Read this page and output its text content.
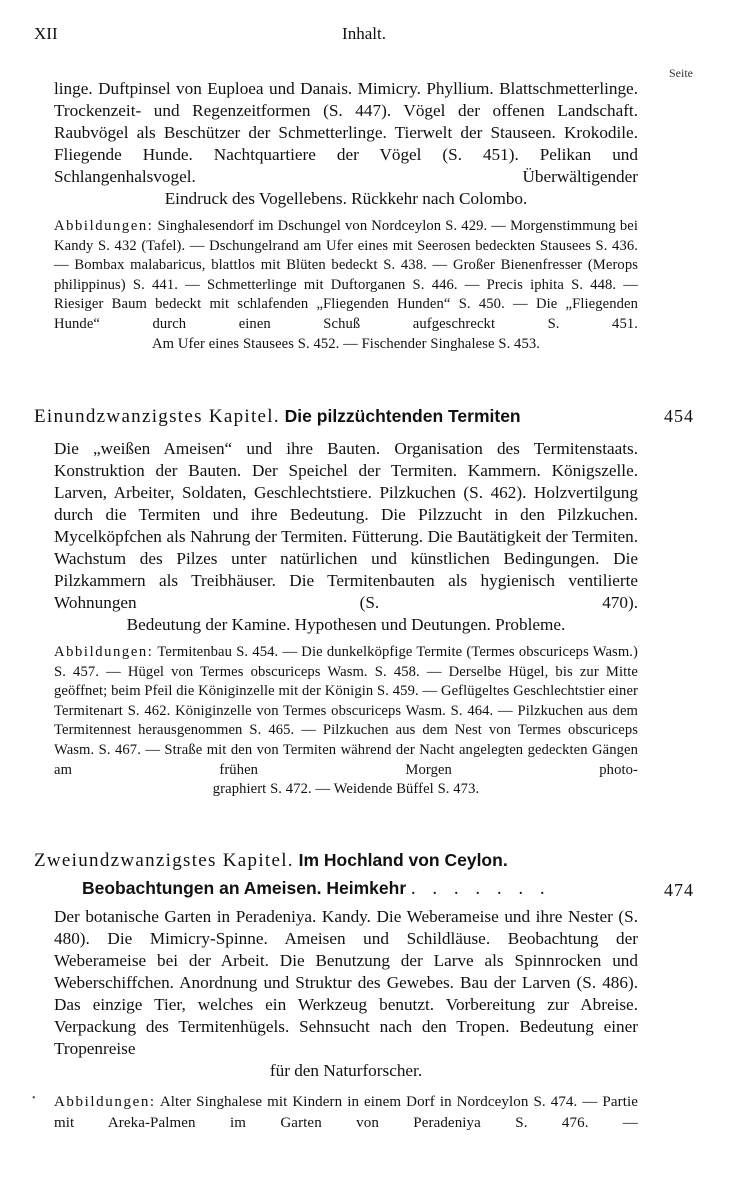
XII	Inhalt.
Seite

linge. Duftpinsel von Euploea und Danais. Mimicry. Phyllium. Blattschmetterlinge. Trockenzeit- und Regenzeitformen (S. 447). Vögel der offenen Landschaft. Raubvögel als Beschützer der Schmetterlinge. Tierwelt der Stauseen. Krokodile. Fliegende Hunde. Nachtquartiere der Vögel (S. 451). Pelikan und Schlangenhalsvogel. Überwältigender

Eindruck des Vogellebens. Rückkehr nach Colombo.

Abbildungen: Singhalesendorf im Dschungel von Nordceylon S. 429. — Morgenstimmung bei Kandy S. 432 (Tafel). — Dschungelrand am Ufer eines mit Seerosen bedeckten Stausees S. 436. — Bombax malabaricus, blattlos mit Blüten bedeckt S. 438. — Großer Bienenfresser (Merops philippinus) S. 441. — Schmetterlinge mit Duftorganen S. 446. — Precis iphita S. 448. — Riesiger Baum bedeckt mit schlafenden „Fliegenden Hunden“ S. 450. — Die „Fliegenden Hunde“ durch einen Schuß aufgeschreckt S. 451.

Am Ufer eines Stausees S. 452. — Fischender Singhalese S. 453.
Einundzwanzigstes Kapitel. Die pilzzüchtenden Termiten	454

Die „weißen Ameisen“ und ihre Bauten. Organisation des Termitenstaats. Konstruktion der Bauten. Der Speichel der Termiten. Kammern. Königszelle. Larven, Arbeiter, Soldaten, Geschlechtstiere. Pilzkuchen (S. 462). Holzvertilgung durch die Termiten und ihre Bedeutung. Die Pilzzucht in den Pilzkuchen. Mycelköpfchen als Nahrung der Termiten. Fütterung. Die Bautätigkeit der Termiten. Wachstum des Pilzes unter natürlichen und künstlichen Bedingungen. Die Pilzkammern als Treibhäuser. Die Termitenbauten als hygienisch ventilierte Wohnungen (S. 470).

Bedeutung der Kamine. Hypothesen und Deutungen. Probleme.

Abbildungen: Termitenbau S. 454. — Die dunkelköpfige Termite (Termes obscuriceps Wasm.) S. 457. — Hügel von Termes obscuriceps Wasm. S. 458. — Derselbe Hügel, bis zur Mitte geöffnet; beim Pfeil die Königinzelle mit der Königin S. 459. — Geflügeltes Geschlechtstier einer Termitenart S. 462. Königinzelle von Termes obscuriceps Wasm. S. 464. — Pilzkuchen aus dem Termitennest herausgenommen S. 465. — Pilzkuchen aus dem Nest von Termes obscuriceps Wasm. S. 467. — Straße mit den von Termiten während der Nacht angelegten gedeckten Gängen am frühen Morgen photo-

graphiert S. 472. — Weidende Büffel S. 473.
Zweiundzwanzigstes Kapitel. Im Hochland von Ceylon.
Beobachtungen an Ameisen. Heimkehr . . . . . . .	474

Der botanische Garten in Peradeniya. Kandy. Die Weberameise und ihre Nester (S. 480). Die Mimicry-Spinne. Ameisen und Schildläuse. Beobachtung der Weberameise bei der Arbeit. Die Benutzung der Larve als Spinnrocken und Weberschiffchen. Anordnung und Struktur des Gewebes. Bau der Larven (S. 486). Das einzige Tier, welches ein Werkzeug benutzt. Vorbereitung zur Abreise. Verpackung des Termitenhügels. Sehnsucht nach den Tropen. Bedeutung einer Tropenreise

für den Naturforscher.
• Abbildungen: Alter Singhalese mit Kindern in einem Dorf in Nordceylon S. 474. — Partie mit Areka-Palmen im Garten von Peradeniya S. 476. —
